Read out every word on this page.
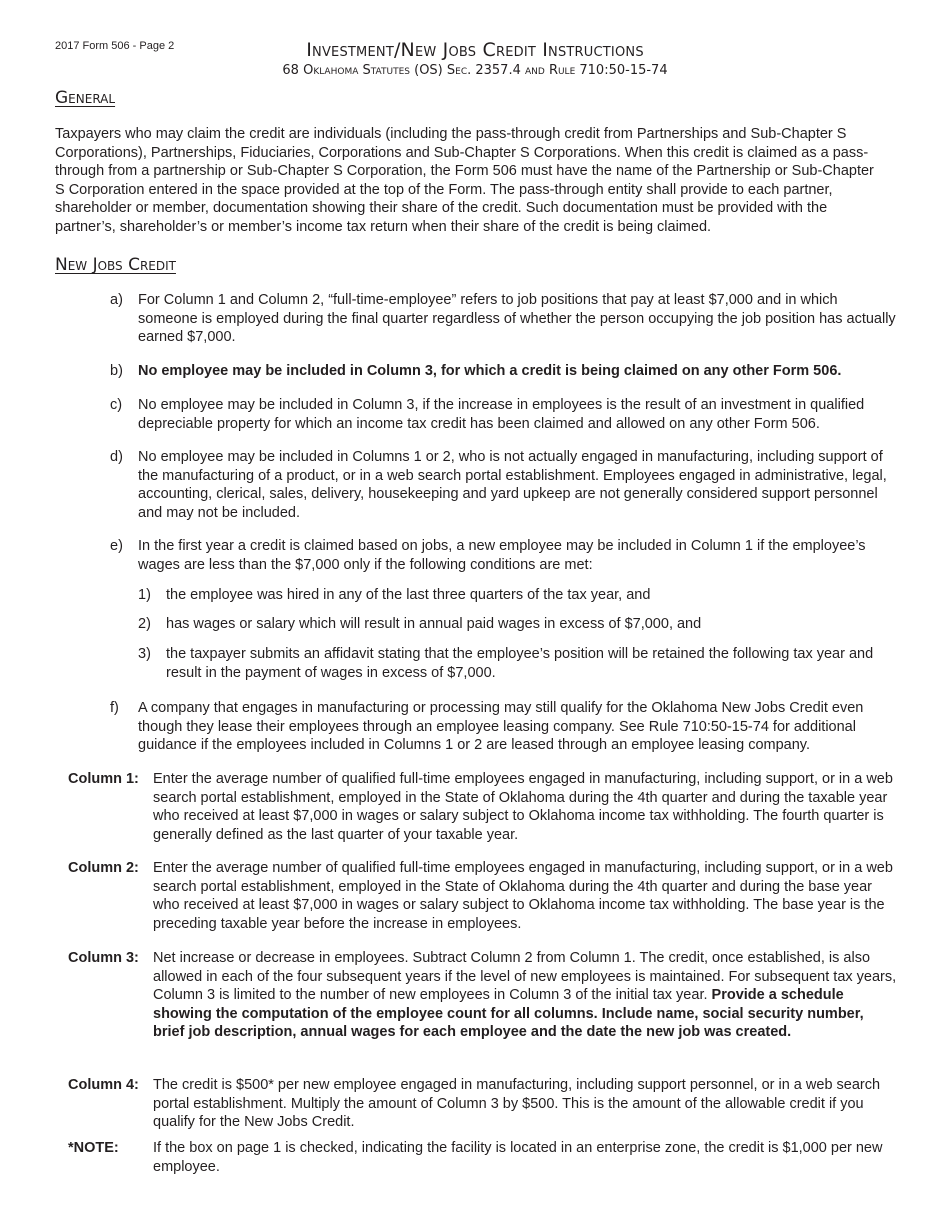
2017 Form 506 - Page 2	Investment/New Jobs Credit Instructions
68 Oklahoma Statutes (OS) Sec. 2357.4 and Rule 710:50-15-74
General
Taxpayers who may claim the credit are individuals (including the pass-through credit from Partnerships and Sub-Chapter S Corporations), Partnerships, Fiduciaries, Corporations and Sub-Chapter S Corporations. When this credit is claimed as a pass-through from a partnership or Sub-Chapter S Corporation, the Form 506 must have the name of the Partnership or Sub-Chapter S Corporation entered in the space provided at the top of the Form. The pass-through entity shall provide to each partner, shareholder or member, documentation showing their share of the credit. Such documentation must be provided with the partner’s, shareholder’s or member’s income tax return when their share of the credit is being claimed.
New Jobs Credit
a) For Column 1 and Column 2, “full-time-employee” refers to job positions that pay at least $7,000 and in which someone is employed during the final quarter regardless of whether the person occupying the job position has actually earned $7,000.
b) No employee may be included in Column 3, for which a credit is being claimed on any other Form 506.
c) No employee may be included in Column 3, if the increase in employees is the result of an investment in qualified depreciable property for which an income tax credit has been claimed and allowed on any other Form 506.
d) No employee may be included in Columns 1 or 2, who is not actually engaged in manufacturing, including support of the manufacturing of a product, or in a web search portal establishment. Employees engaged in administrative, legal, accounting, clerical, sales, delivery, housekeeping and yard upkeep are not generally considered support personnel and may not be included.
e) In the first year a credit is claimed based on jobs, a new employee may be included in Column 1 if the employee’s wages are less than the $7,000 only if the following conditions are met:
1) the employee was hired in any of the last three quarters of the tax year, and
2) has wages or salary which will result in annual paid wages in excess of $7,000, and
3) the taxpayer submits an affidavit stating that the employee’s position will be retained the following tax year and result in the payment of wages in excess of $7,000.
f) A company that engages in manufacturing or processing may still qualify for the Oklahoma New Jobs Credit even though they lease their employees through an employee leasing company. See Rule 710:50-15-74 for additional guidance if the employees included in Columns 1 or 2 are leased through an employee leasing company.
Column 1: Enter the average number of qualified full-time employees engaged in manufacturing, including support, or in a web search portal establishment, employed in the State of Oklahoma during the 4th quarter and during the taxable year who received at least $7,000 in wages or salary subject to Oklahoma income tax withholding. The fourth quarter is generally defined as the last quarter of your taxable year.
Column 2: Enter the average number of qualified full-time employees engaged in manufacturing, including support, or in a web search portal establishment, employed in the State of Oklahoma during the 4th quarter and during the base year who received at least $7,000 in wages or salary subject to Oklahoma income tax withholding. The base year is the preceding taxable year before the increase in employees.
Column 3: Net increase or decrease in employees. Subtract Column 2 from Column 1. The credit, once established, is also allowed in each of the four subsequent years if the level of new employees is maintained. For subsequent tax years, Column 3 is limited to the number of new employees in Column 3 of the initial tax year. Provide a schedule showing the computation of the employee count for all columns. Include name, social security number, brief job description, annual wages for each employee and the date the new job was created.
Column 4: The credit is $500* per new employee engaged in manufacturing, including support personnel, or in a web search portal establishment. Multiply the amount of Column 3 by $500. This is the amount of the allowable credit if you qualify for the New Jobs Credit.
*NOTE: If the box on page 1 is checked, indicating the facility is located in an enterprise zone, the credit is $1,000 per new employee.
